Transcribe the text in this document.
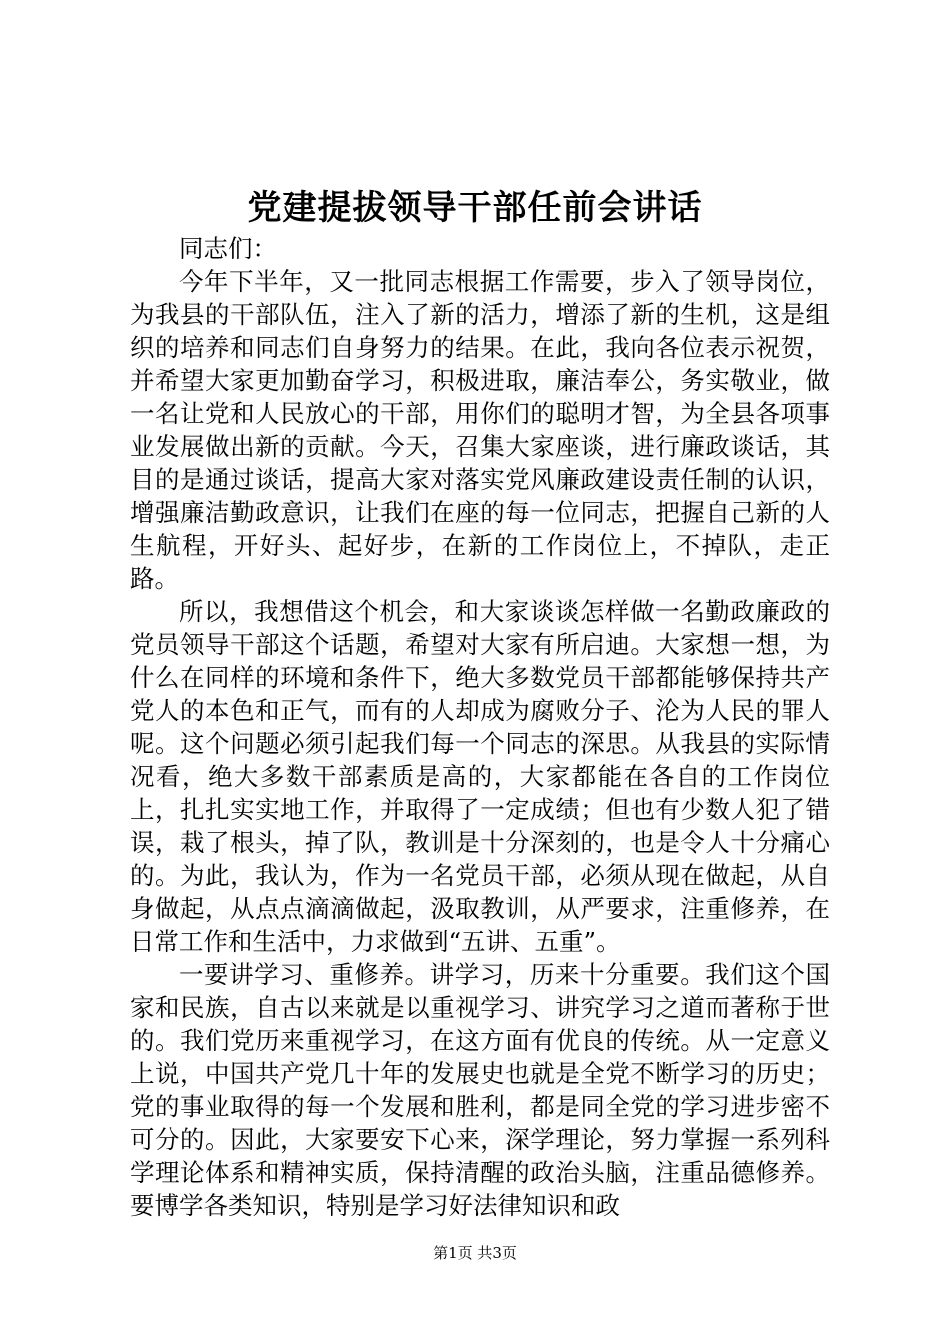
党建提拔领导干部任前会讲话

同志们：

今年下半年，又一批同志根据工作需要，步入了领导岗位，为我县的干部队伍，注入了新的活力，增添了新的生机，这是组织的培养和同志们自身努力的结果。在此，我向各位表示祝贺，并希望大家更加勤奋学习，积极进取，廉洁奉公，务实敬业，做一名让党和人民放心的干部，用你们的聪明才智，为全县各项事业发展做出新的贡献。今天，召集大家座谈，进行廉政谈话，其目的是通过谈话，提高大家对落实党风廉政建设责任制的认识，增强廉洁勤政意识，让我们在座的每一位同志，把握自己新的人生航程，开好头、起好步，在新的工作岗位上，不掉队，走正路。

所以，我想借这个机会，和大家谈谈怎样做一名勤政廉政的党员领导干部这个话题，希望对大家有所启迪。大家想一想，为什么在同样的环境和条件下，绝大多数党员干部都能够保持共产党人的本色和正气，而有的人却成为腐败分子、沦为人民的罪人呢。这个问题必须引起我们每一个同志的深思。从我县的实际情况看，绝大多数干部素质是高的，大家都能在各自的工作岗位上，扎扎实实地工作，并取得了一定成绩；但也有少数人犯了错误，栽了根头，掉了队，教训是十分深刻的，也是令人十分痛心的。为此，我认为，作为一名党员干部，必须从现在做起，从自身做起，从点点滴滴做起，汲取教训，从严要求，注重修养，在日常工作和生活中，力求做到“五讲、五重”。

一要讲学习、重修养。讲学习，历来十分重要。我们这个国家和民族，自古以来就是以重视学习、讲究学习之道而著称于世的。我们党历来重视学习，在这方面有优良的传统。从一定意义上说，中国共产党几十年的发展史也就是全党不断学习的历史；党的事业取得的每一个发展和胜利，都是同全党的学习进步密不可分的。因此，大家要安下心来，深学理论，努力掌握一系列科学理论体系和精神实质，保持清醒的政治头脑，注重品德修养。要博学各类知识，特别是学习好法律知识和政

第1页 共3页
